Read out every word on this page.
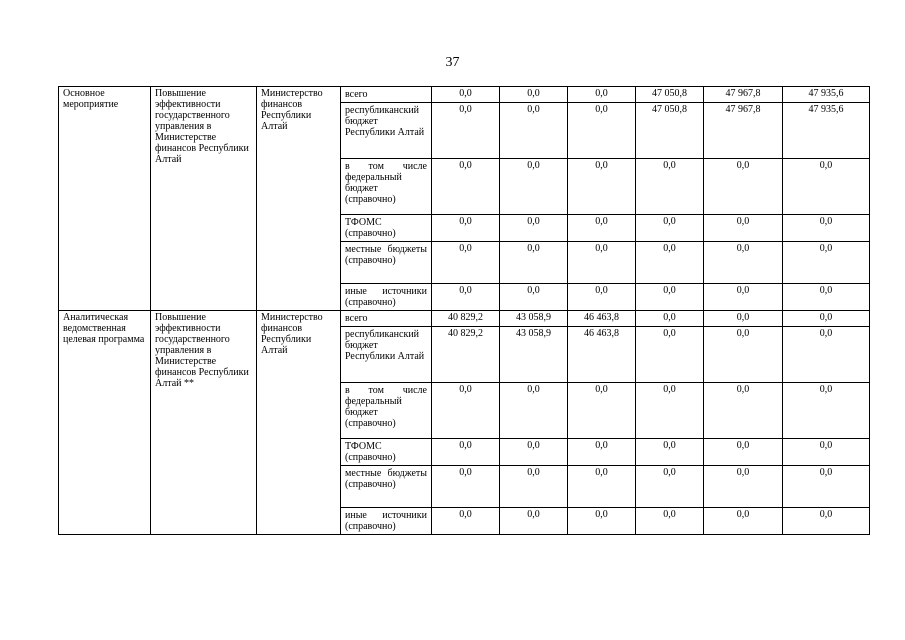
37
Основное мероприятие	Повышение эффективности государственного управления в Министерстве финансов Республики Алтай	Министерство финансов Республики Алтай	всего	0,0	0,0	0,0	47 050,8	47 967,8	47 935,6
			республиканский бюджет Республики Алтай	0,0	0,0	0,0	47 050,8	47 967,8	47 935,6
			в том числе федеральный бюджет (справочно)	0,0	0,0	0,0	0,0	0,0	0,0
			ТФОМС (справочно)	0,0	0,0	0,0	0,0	0,0	0,0
			местные бюджеты (справочно)	0,0	0,0	0,0	0,0	0,0	0,0
			иные источники (справочно)	0,0	0,0	0,0	0,0	0,0	0,0
Аналитическая ведомственная целевая программа	Повышение эффективности государственного управления в Министерстве финансов Республики Алтай **	Министерство финансов Республики Алтай	всего	40 829,2	43 058,9	46 463,8	0,0	0,0	0,0
			республиканский бюджет Республики Алтай	40 829,2	43 058,9	46 463,8	0,0	0,0	0,0
			в том числе федеральный бюджет (справочно)	0,0	0,0	0,0	0,0	0,0	0,0
			ТФОМС (справочно)	0,0	0,0	0,0	0,0	0,0	0,0
			местные бюджеты (справочно)	0,0	0,0	0,0	0,0	0,0	0,0
			иные источники (справочно)	0,0	0,0	0,0	0,0	0,0	0,0
